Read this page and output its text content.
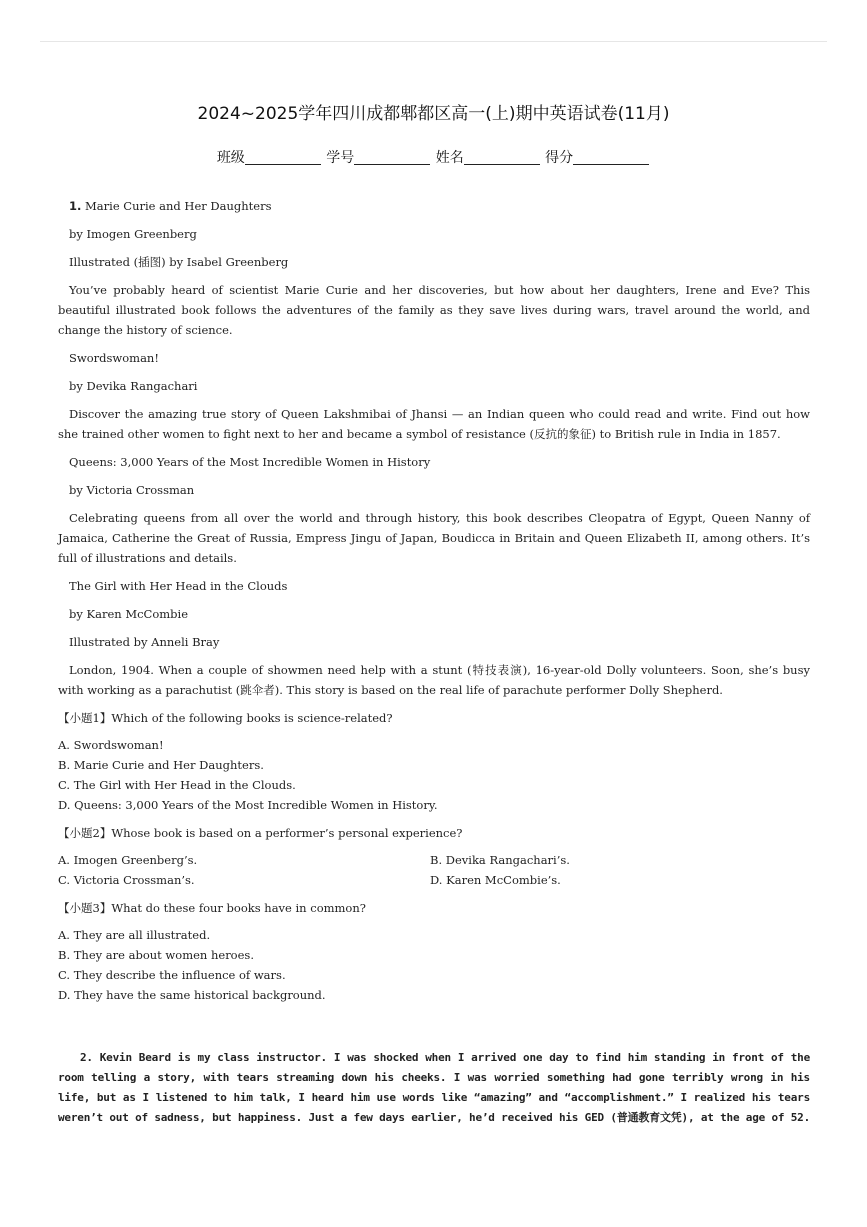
2024~2025学年四川成都郫都区高一(上)期中英语试卷(11月)
班级	学号	姓名	得分
1. Marie Curie and Her Daughters
by Imogen Greenberg
Illustrated (插图) by Isabel Greenberg
You’ve probably heard of scientist Marie Curie and her discoveries, but how about her daughters, Irene and Eve? This beautiful illustrated book follows the adventures of the family as they save lives during wars, travel around the world, and change the history of science.
Swordswoman!
by Devika Rangachari
Discover the amazing true story of Queen Lakshmibai of Jhansi — an Indian queen who could read and write. Find out how she trained other women to fight next to her and became a symbol of resistance (反抗的象征) to British rule in India in 1857.
Queens: 3,000 Years of the Most Incredible Women in History
by Victoria Crossman
Celebrating queens from all over the world and through history, this book describes Cleopatra of Egypt, Queen Nanny of Jamaica, Catherine the Great of Russia, Empress Jingu of Japan, Boudicca in Britain and Queen Elizabeth II, among others. It’s full of illustrations and details.
The Girl with Her Head in the Clouds
by Karen McCombie
Illustrated by Anneli Bray
London, 1904. When a couple of showmen need help with a stunt (特技表演), 16-year-old Dolly volunteers. Soon, she’s busy with working as a parachutist (跳伞者). This story is based on the real life of parachute performer Dolly Shepherd.
【小题1】Which of the following books is science-related?
A. Swordswoman!
B. Marie Curie and Her Daughters.
C. The Girl with Her Head in the Clouds.
D. Queens: 3,000 Years of the Most Incredible Women in History.
【小题2】Whose book is based on a performer’s personal experience?
A. Imogen Greenberg’s.	B. Devika Rangachari’s.
C. Victoria Crossman’s.	D. Karen McCombie’s.
【小题3】What do these four books have in common?
A. They are all illustrated.
B. They are about women heroes.
C. They describe the influence of wars.
D. They have the same historical background.
2. Kevin Beard is my class instructor. I was shocked when I arrived one day to find him standing in front of the room telling a story, with tears streaming down his cheeks. I was worried something had gone terribly wrong in his life, but as I listened to him talk, I heard him use words like “amazing” and “accomplishment.” I realized his tears weren’t out of sadness, but happiness. Just a few days earlier, he’d received his GED (普通教育文凭), at the age of 52.
